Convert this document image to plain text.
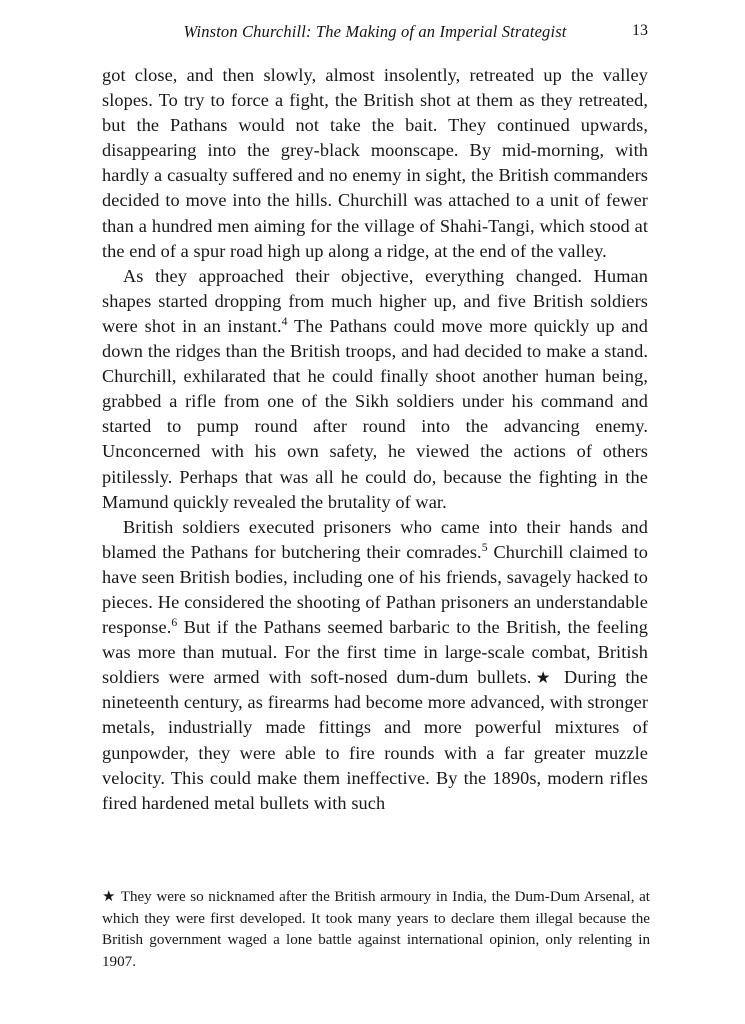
Winston Churchill: The Making of an Imperial Strategist	13

got close, and then slowly, almost insolently, retreated up the valley slopes. To try to force a fight, the British shot at them as they retreated, but the Pathans would not take the bait. They continued upwards, disappearing into the grey-black moonscape. By mid-morning, with hardly a casualty suffered and no enemy in sight, the British commanders decided to move into the hills. Churchill was attached to a unit of fewer than a hundred men aiming for the village of Shahi-Tangi, which stood at the end of a spur road high up along a ridge, at the end of the valley.

As they approached their objective, everything changed. Human shapes started dropping from much higher up, and five British soldiers were shot in an instant.$^4$ The Pathans could move more quickly up and down the ridges than the British troops, and had decided to make a stand. Churchill, exhilarated that he could finally shoot another human being, grabbed a rifle from one of the Sikh soldiers under his command and started to pump round after round into the advancing enemy. Unconcerned with his own safety, he viewed the actions of others pitilessly. Perhaps that was all he could do, because the fighting in the Mamund quickly revealed the brutality of war.

British soldiers executed prisoners who came into their hands and blamed the Pathans for butchering their comrades.$^5$ Churchill claimed to have seen British bodies, including one of his friends, savagely hacked to pieces. He considered the shooting of Pathan prisoners an understandable response.$^6$ But if the Pathans seemed barbaric to the British, the feeling was more than mutual. For the first time in large-scale combat, British soldiers were armed with soft-nosed dum-dum bullets.★ During the nineteenth century, as firearms had become more advanced, with stronger metals, industrially made fittings and more powerful mixtures of gunpowder, they were able to fire rounds with a far greater muzzle velocity. This could make them ineffective. By the 1890s, modern rifles fired hardened metal bullets with such

★ They were so nicknamed after the British armoury in India, the Dum-Dum Arsenal, at which they were first developed. It took many years to declare them illegal because the British government waged a lone battle against international opinion, only relenting in 1907.
